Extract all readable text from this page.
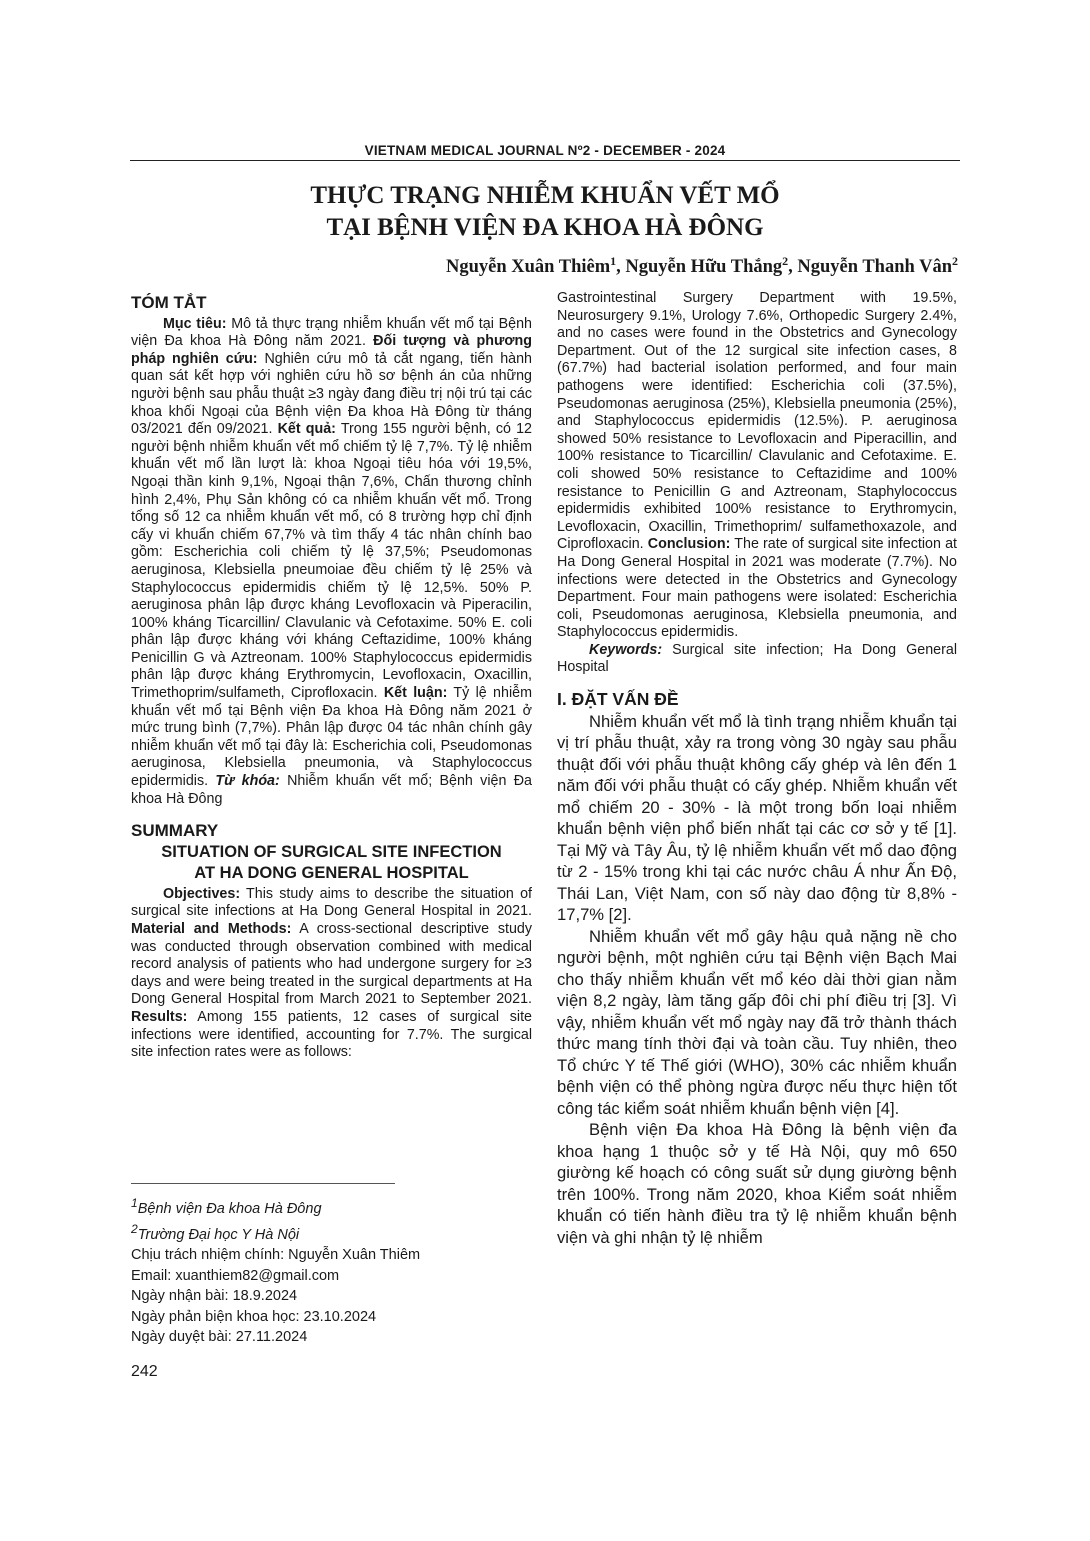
VIETNAM MEDICAL JOURNAL Nº2 - DECEMBER - 2024
THỰC TRẠNG NHIỄM KHUẨN VẾT MỔ
TẠI BỆNH VIỆN ĐA KHOA HÀ ĐÔNG
Nguyễn Xuân Thiêm$^1$, Nguyễn Hữu Thắng$^2$, Nguyễn Thanh Vân$^2$
TÓM TẮT

Mục tiêu: Mô tả thực trạng nhiễm khuẩn vết mổ tại Bệnh viện Đa khoa Hà Đông năm 2021. Đối tượng và phương pháp nghiên cứu: Nghiên cứu mô tả cắt ngang, tiến hành quan sát kết hợp với nghiên cứu hồ sơ bệnh án của những người bệnh sau phẫu thuật ≥3 ngày đang điều trị nội trú tại các khoa khối Ngoại của Bệnh viện Đa khoa Hà Đông từ tháng 03/2021 đến 09/2021. Kết quả: Trong 155 người bệnh, có 12 người bệnh nhiễm khuẩn vết mổ chiếm tỷ lệ 7,7%. Tỷ lệ nhiễm khuẩn vết mổ lần lượt là: khoa Ngoại tiêu hóa với 19,5%, Ngoại thần kinh 9,1%, Ngoại thận 7,6%, Chấn thương chỉnh hình 2,4%, Phụ Sản không có ca nhiễm khuẩn vết mổ. Trong tổng số 12 ca nhiễm khuẩn vết mổ, có 8 trường hợp chỉ định cấy vi khuẩn chiếm 67,7% và tìm thấy 4 tác nhân chính bao gồm: Escherichia coli chiếm tỷ lệ 37,5%; Pseudomonas aeruginosa, Klebsiella pneumoiae đều chiếm tỷ lệ 25% và Staphylococcus epidermidis chiếm tỷ lệ 12,5%. 50% P. aeruginosa phân lập được kháng Levofloxacin và Piperacilin, 100% kháng Ticarcillin/ Clavulanic và Cefotaxime. 50% E. coli phân lập được kháng với kháng Ceftazidime, 100% kháng Penicillin G và Aztreonam. 100% Staphylococcus epidermidis phân lập được kháng Erythromycin, Levofloxacin, Oxacillin, Trimethoprim/sulfameth, Ciprofloxacin. Kết luận: Tỷ lệ nhiễm khuẩn vết mổ tại Bệnh viện Đa khoa Hà Đông năm 2021 ở mức trung bình (7,7%). Phân lập được 04 tác nhân chính gây nhiễm khuẩn vết mổ tại đây là: Escherichia coli, Pseudomonas aeruginosa, Klebsiella pneumonia, và Staphylococcus epidermidis. Từ khóa: Nhiễm khuẩn vết mổ; Bệnh viện Đa khoa Hà Đông

SUMMARY
SITUATION OF SURGICAL SITE INFECTION
AT HA DONG GENERAL HOSPITAL

Objectives: This study aims to describe the situation of surgical site infections at Ha Dong General Hospital in 2021. Material and Methods: A cross-sectional descriptive study was conducted through observation combined with medical record analysis of patients who had undergone surgery for ≥3 days and were being treated in the surgical departments at Ha Dong General Hospital from March 2021 to September 2021. Results: Among 155 patients, 12 cases of surgical site infections were identified, accounting for 7.7%. The surgical site infection rates were as follows:

Gastrointestinal Surgery Department with 19.5%, Neurosurgery 9.1%, Urology 7.6%, Orthopedic Surgery 2.4%, and no cases were found in the Obstetrics and Gynecology Department. Out of the 12 surgical site infection cases, 8 (67.7%) had bacterial isolation performed, and four main pathogens were identified: Escherichia coli (37.5%), Pseudomonas aeruginosa (25%), Klebsiella pneumonia (25%), and Staphylococcus epidermidis (12.5%). P. aeruginosa showed 50% resistance to Levofloxacin and Piperacillin, and 100% resistance to Ticarcillin/ Clavulanic and Cefotaxime. E. coli showed 50% resistance to Ceftazidime and 100% resistance to Penicillin G and Aztreonam, Staphylococcus epidermidis exhibited 100% resistance to Erythromycin, Levofloxacin, Oxacillin, Trimethoprim/ sulfamethoxazole, and Ciprofloxacin. Conclusion: The rate of surgical site infection at Ha Dong General Hospital in 2021 was moderate (7.7%). No infections were detected in the Obstetrics and Gynecology Department. Four main pathogens were isolated: Escherichia coli, Pseudomonas aeruginosa, Klebsiella pneumonia, and Staphylococcus epidermidis.

Keywords: Surgical site infection; Ha Dong General Hospital

I. ĐẶT VẤN ĐỀ

Nhiễm khuẩn vết mổ là tình trạng nhiễm khuẩn tại vị trí phẫu thuật, xảy ra trong vòng 30 ngày sau phẫu thuật đối với phẫu thuật không cấy ghép và lên đến 1 năm đối với phẫu thuật có cấy ghép. Nhiễm khuẩn vết mổ chiếm 20 - 30% - là một trong bốn loại nhiễm khuẩn bệnh viện phổ biến nhất tại các cơ sở y tế [1]. Tại Mỹ và Tây Âu, tỷ lệ nhiễm khuẩn vết mổ dao động từ 2 - 15% trong khi tại các nước châu Á như Ấn Độ, Thái Lan, Việt Nam, con số này dao động từ 8,8% - 17,7% [2].

Nhiễm khuẩn vết mổ gây hậu quả nặng nề cho người bệnh, một nghiên cứu tại Bệnh viện Bạch Mai cho thấy nhiễm khuẩn vết mổ kéo dài thời gian nằm viện 8,2 ngày, làm tăng gấp đôi chi phí điều trị [3]. Vì vậy, nhiễm khuẩn vết mổ ngày nay đã trở thành thách thức mang tính thời đại và toàn cầu. Tuy nhiên, theo Tổ chức Y tế Thế giới (WHO), 30% các nhiễm khuẩn bệnh viện có thể phòng ngừa được nếu thực hiện tốt công tác kiểm soát nhiễm khuẩn bệnh viện [4].

Bệnh viện Đa khoa Hà Đông là bệnh viện đa khoa hạng 1 thuộc sở y tế Hà Nội, quy mô 650 giường kế hoạch có công suất sử dụng giường bệnh trên 100%. Trong năm 2020, khoa Kiểm soát nhiễm khuẩn có tiến hành điều tra tỷ lệ nhiễm khuẩn bệnh viện và ghi nhận tỷ lệ nhiễm

$^1$Bệnh viện Đa khoa Hà Đông
$^2$Trường Đại học Y Hà Nội
Chịu trách nhiệm chính: Nguyễn Xuân Thiêm
Email: xuanthiem82@gmail.com
Ngày nhận bài: 18.9.2024
Ngày phản biện khoa học: 23.10.2024
Ngày duyệt bài: 27.11.2024
242
